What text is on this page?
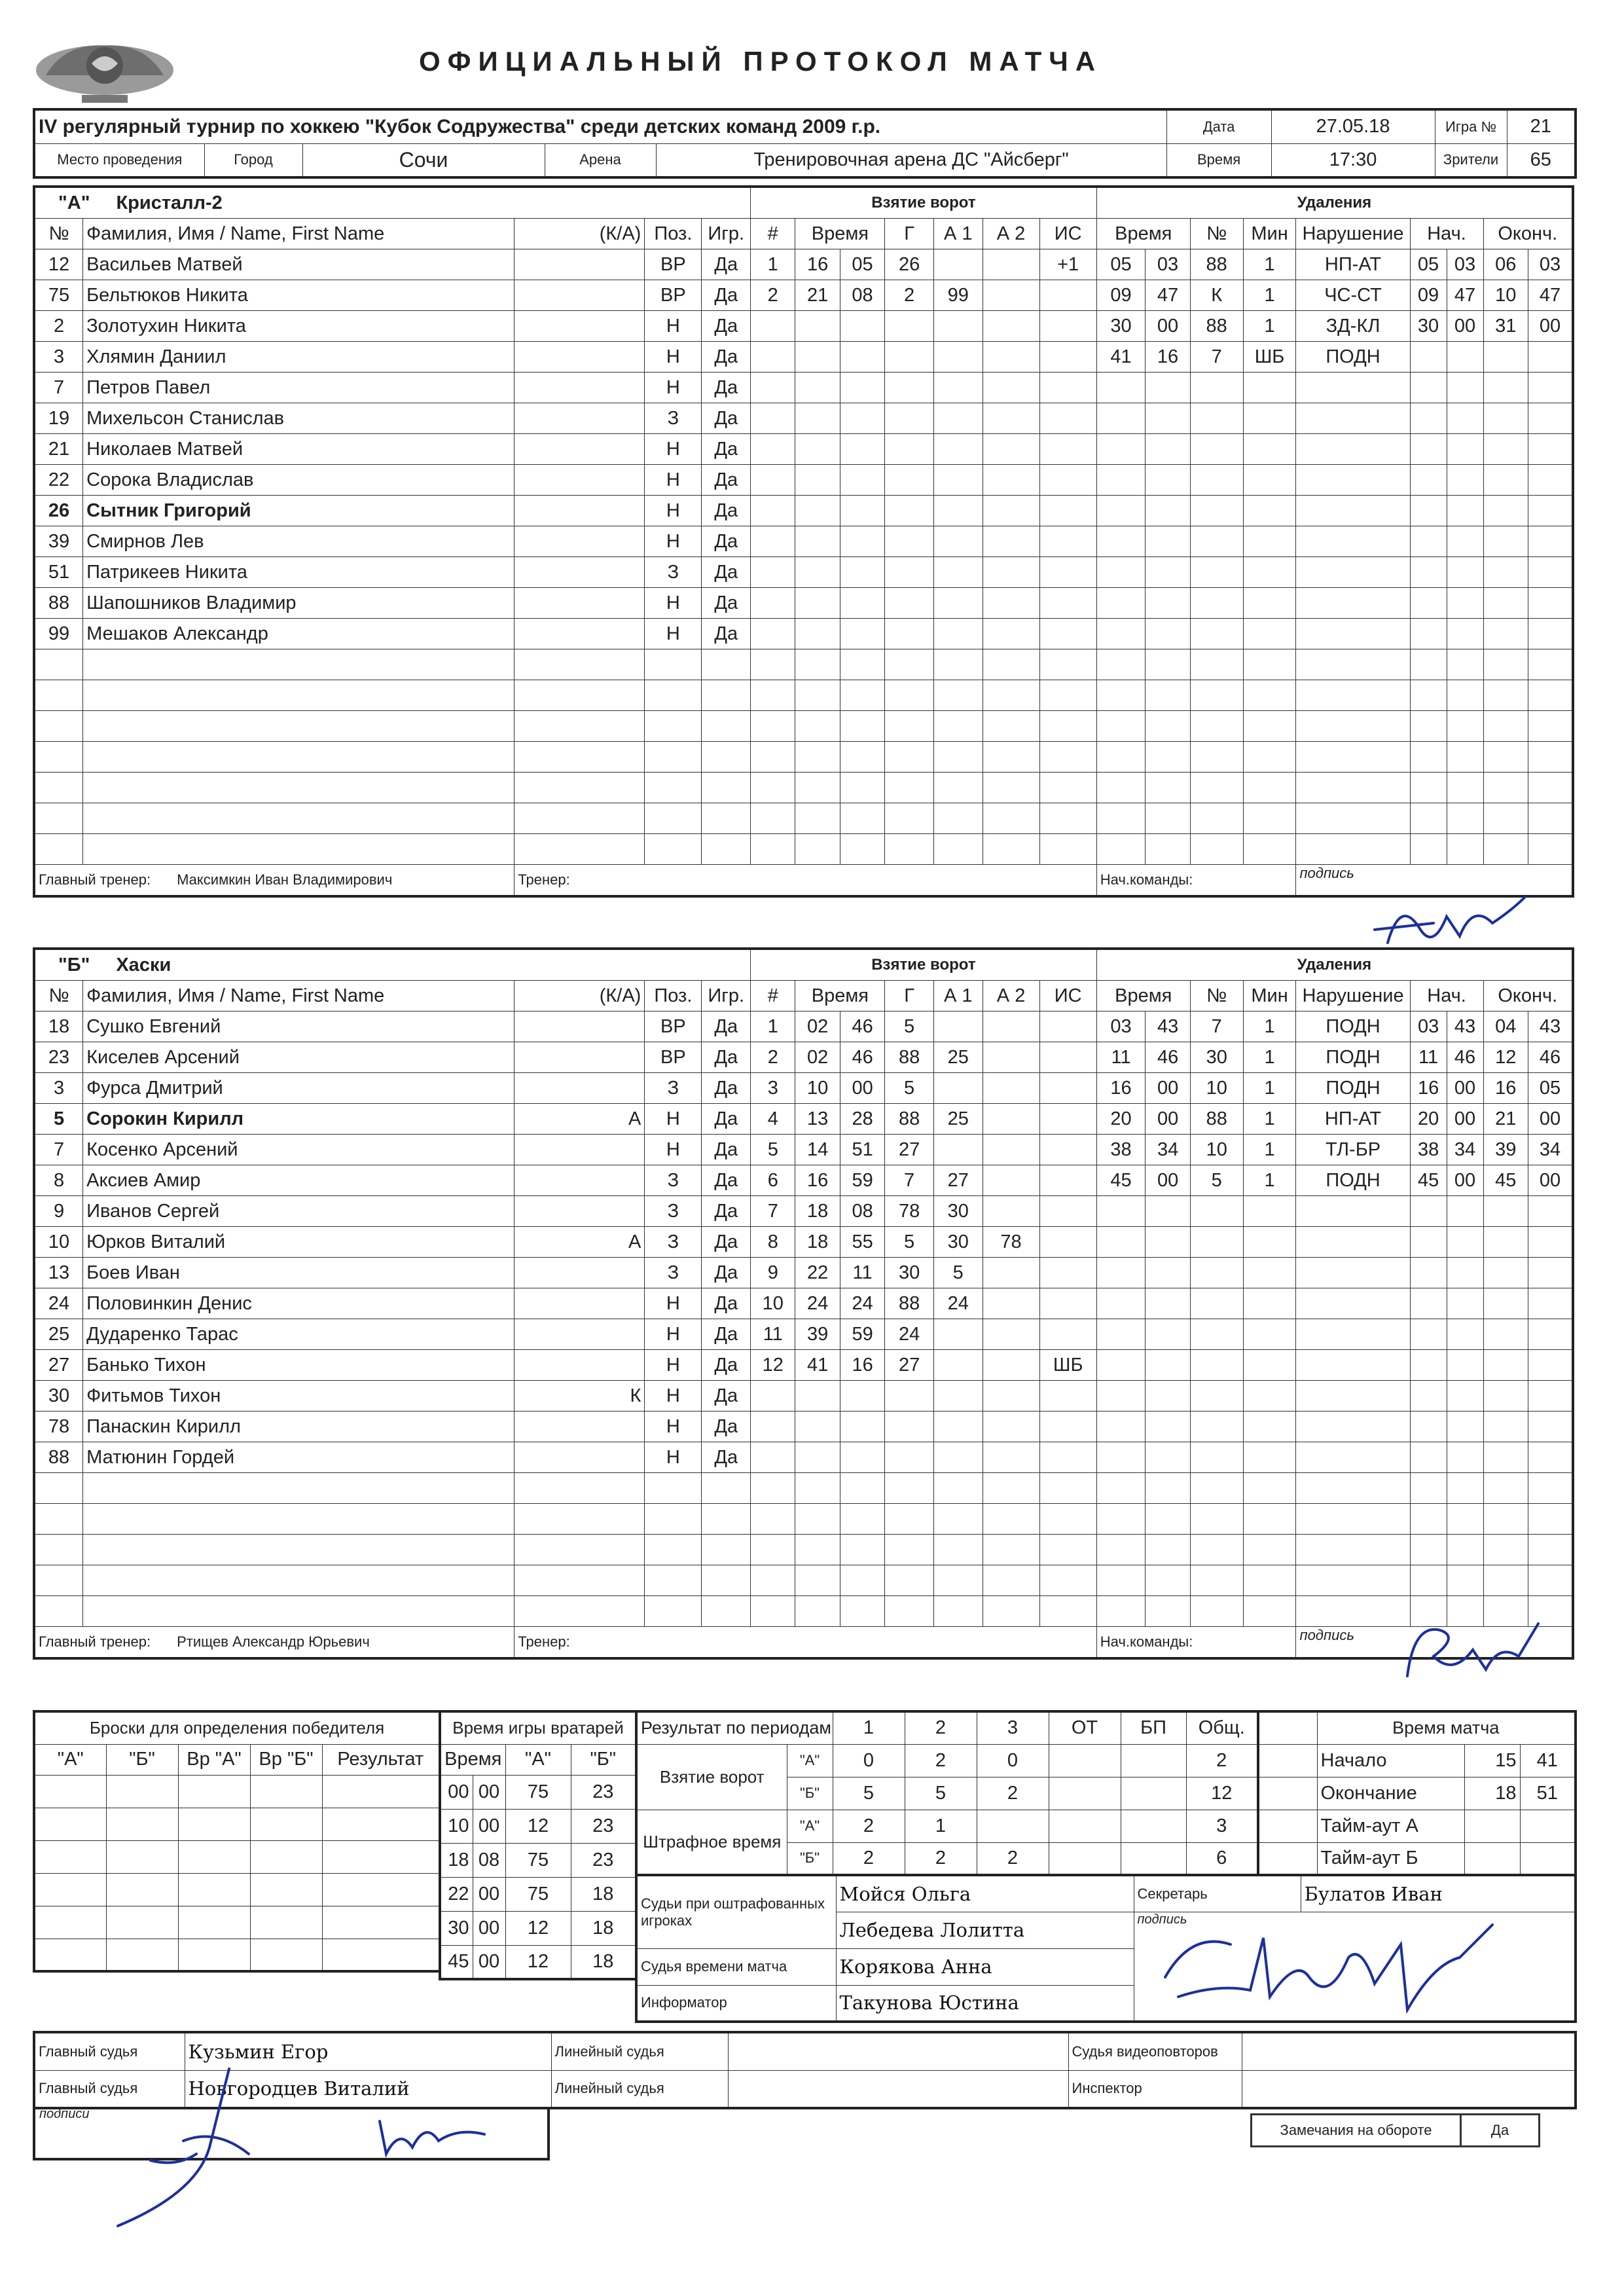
ОФИЦИАЛЬНЫЙ ПРОТОКОЛ МАТЧА
IV регулярный турнир по хоккею "Кубок Содружества" среди детских команд 2009 г.р.					Дата	27.05.18	Игра №	21
Место проведения	Город	Сочи	Арена	Тренировочная арена ДС "Айсберг"	Время	17:30	Зрители	65
"А" Кристалл-2					Взятие ворот							Удаления								
№	Фамилия, Имя / Name, First Name	(К/А)	Поз.	Игр.	#	Время		Г	А 1	А 2	ИС	Время		№	Мин	Нарушение	Нач.		Оконч.	
12	Васильев Матвей		ВР	Да	1	16	05	26			+1	05	03	88	1	НП-АТ	05	03	06	03
75	Бельтюков Никита		ВР	Да	2	21	08	2	99			09	47	К	1	ЧС-СТ	09	47	10	47
2	Золотухин Никита		Н	Да								30	00	88	1	ЗД-КЛ	30	00	31	00
3	Хлямин Даниил		Н	Да								41	16	7	ШБ	ПОДН				
7	Петров Павел		Н	Да																
19	Михельсон Станислав		З	Да																
21	Николаев Матвей		Н	Да																
22	Сорока Владислав		Н	Да																
26	Сытник Григорий		Н	Да																
39	Смирнов Лев		Н	Да																
51	Патрикеев Никита		З	Да																
88	Шапошников Владимир		Н	Да																
99	Мешаков Александр		Н	Да																

Главный тренер: Максимкин Иван Владимирович		Тренер:										Нач.команды:				подпись				
"Б" Хаски					Взятие ворот							Удаления								
№	Фамилия, Имя / Name, First Name	(К/А)	Поз.	Игр.	#	Время		Г	А 1	А 2	ИС	Время		№	Мин	Нарушение	Нач.		Оконч.	
18	Сушко Евгений		ВР	Да	1	02	46	5				03	43	7	1	ПОДН	03	43	04	43
23	Киселев Арсений		ВР	Да	2	02	46	88	25			11	46	30	1	ПОДН	11	46	12	46
3	Фурса Дмитрий		З	Да	3	10	00	5				16	00	10	1	ПОДН	16	00	16	05
5	Сорокин Кирилл	А	Н	Да	4	13	28	88	25			20	00	88	1	НП-АТ	20	00	21	00
7	Косенко Арсений		Н	Да	5	14	51	27				38	34	10	1	ТЛ-БР	38	34	39	34
8	Аксиев Амир		З	Да	6	16	59	7	27			45	00	5	1	ПОДН	45	00	45	00
9	Иванов Сергей		З	Да	7	18	08	78	30											
10	Юрков Виталий	А	З	Да	8	18	55	5	30	78										
13	Боев Иван		З	Да	9	22	11	30	5											
24	Половинкин Денис		Н	Да	10	24	24	88	24											
25	Дударенко Тарас		Н	Да	11	39	59	24												
27	Банько Тихон		Н	Да	12	41	16	27			ШБ									
30	Фитьмов Тихон	К	Н	Да																
78	Панаскин Кирилл		Н	Да																
88	Матюнин Гордей		Н	Да																

Главный тренер: Ртищев Александр Юрьевич		Тренер:										Нач.команды:				подпись				
Броски для определения победителя				
"А"	"Б"	Вр "А"	Вр "Б"	Результат

Время игры вратарей			
Время		"А"	"Б"
00	00	75	23
10	00	12	23
18	08	75	23
22	00	75	18
30	00	12	18
45	00	12	18
Результат по периодам		1	2	3	ОТ	БП	Общ.
Взятие ворот	"А"	0	2	0			2
	"Б"	5	5	2			12
Штрафное время	"А"	2	1				3
	"Б"	2	2	2			6
	Время матча		
	Начало	15	41
	Окончание	18	51
	Тайм-аут А		
	Тайм-аут Б		
Судьи при оштрафованных игроках	Мойся Ольга	Секретарь	Булатов Иван
	Лебедева Лолитта	подпись	
Судья времени матча	Корякова Анна		
Информатор	Такунова Юстина		
Главный судья	Кузьмин Егор	Линейный судья		Судья видеоповторов	
Главный судья	Новгородцев Виталий	Линейный судья		Инспектор	
подписи
Замечания на обороте	Да
